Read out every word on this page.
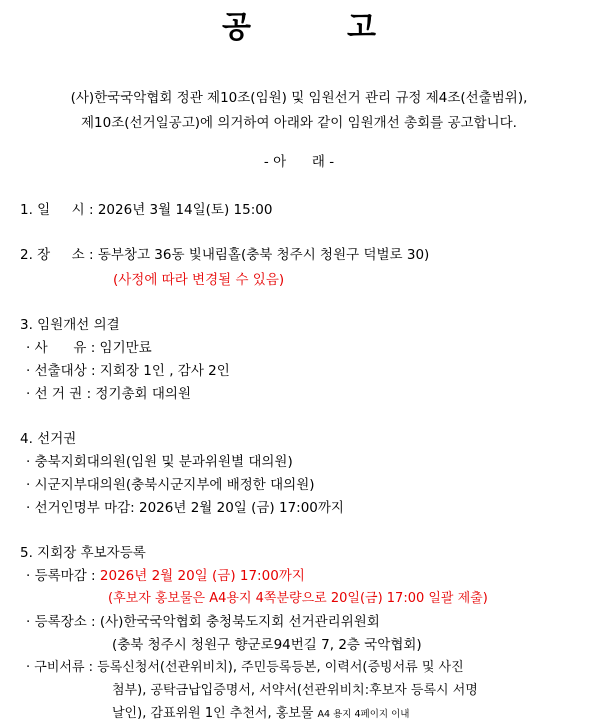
공	고
(사)한국국악협회 정관 제10조(임원) 및 임원선거 관리 규정 제4조(선출범위),
제10조(선거일공고)에 의거하여 아래와 같이 임원개선 총회를 공고합니다.
- 아      래 -
1. 일     시 : 2026년 3월 14일(토) 15:00
2. 장     소 : 동부창고 36동 빛내림홀(충북 청주시 청원구 덕벌로 30)
(사정에 따라 변경될 수 있음)
3. 임원개선 의결
· 사      유 : 임기만료
· 선출대상 : 지회장 1인 , 감사 2인
· 선 거 권 : 정기총회 대의원
4. 선거권
· 충북지회대의원(임원 및 분과위원별 대의원)
· 시군지부대의원(충북시군지부에 배정한 대의원)
· 선거인명부 마감: 2026년 2월 20일 (금) 17:00까지
5. 지회장 후보자등록
· 등록마감 : 2026년 2월 20일 (금) 17:00까지
(후보자 홍보물은 A4용지 4쪽분량으로 20일(금) 17:00 일괄 제출)
· 등록장소 : (사)한국국악협회 충청북도지회 선거관리위원회
(충북 청주시 청원구 향군로94번길 7, 2층 국악협회)
· 구비서류 : 등록신청서(선관위비치), 주민등록등본, 이력서(증빙서류 및 사진
첨부), 공탁금납입증명서, 서약서(선관위비치:후보자 등록시 서명
날인), 감표위원 1인 추천서, 홍보물 A4 용지 4페이지 이내
